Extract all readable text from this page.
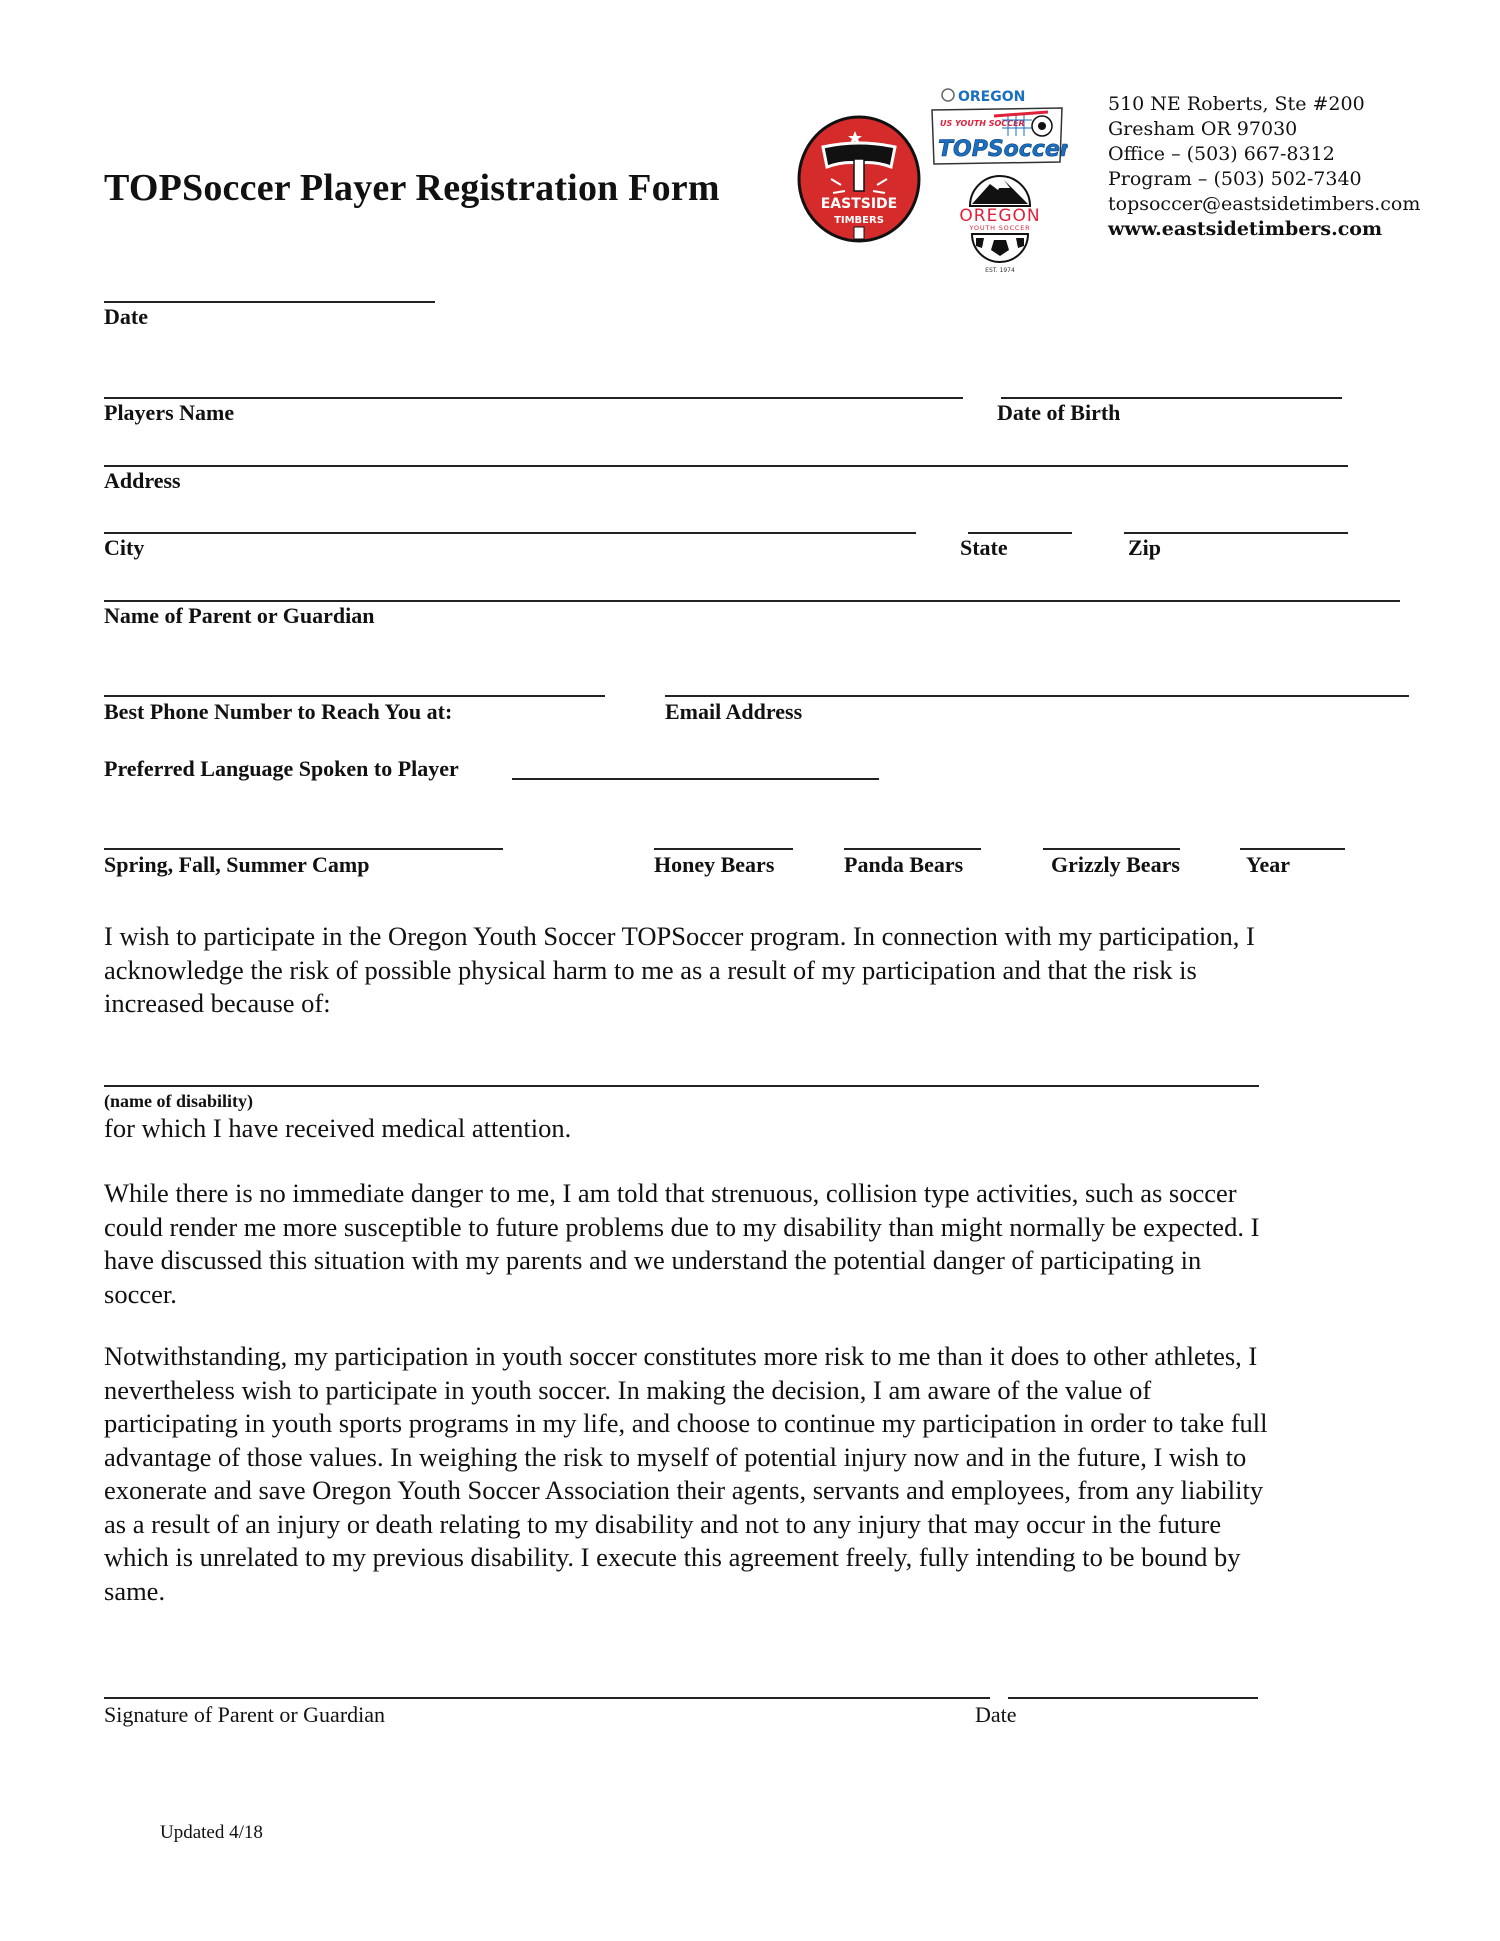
TOPSoccer Player Registration Form	EASTSIDE
TIMBERS
OREGON
US YOUTH SOCCER
TOPSoccer
OREGON
YOUTH SOCCER
EST. 1974
510 NE Roberts, Ste #200
Gresham OR 97030
Office – (503) 667-8312
Program – (503) 502-7340
topsoccer@eastsidetimbers.com
www.eastsidetimbers.com
Date
Players Name	Date of Birth
Address
City	State	Zip
Name of Parent or Guardian
Best Phone Number to Reach You at:	Email Address
Preferred Language Spoken to Player
Spring, Fall, Summer Camp	Honey Bears	Panda Bears	Grizzly Bears	Year
I wish to participate in the Oregon Youth Soccer TOPSoccer program. In connection with my participation, I
acknowledge the risk of possible physical harm to me as a result of my participation and that the risk is
increased because of:
(name of disability)
for which I have received medical attention.
While there is no immediate danger to me, I am told that strenuous, collision type activities, such as soccer
could render me more susceptible to future problems due to my disability than might normally be expected. I
have discussed this situation with my parents and we understand the potential danger of participating in
soccer.
Notwithstanding, my participation in youth soccer constitutes more risk to me than it does to other athletes, I
nevertheless wish to participate in youth soccer. In making the decision, I am aware of the value of
participating in youth sports programs in my life, and choose to continue my participation in order to take full
advantage of those values. In weighing the risk to myself of potential injury now and in the future, I wish to
exonerate and save Oregon Youth Soccer Association their agents, servants and employees, from any liability
as a result of an injury or death relating to my disability and not to any injury that may occur in the future
which is unrelated to my previous disability. I execute this agreement freely, fully intending to be bound by
same.
Signature of Parent or Guardian	Date
Updated 4/18
